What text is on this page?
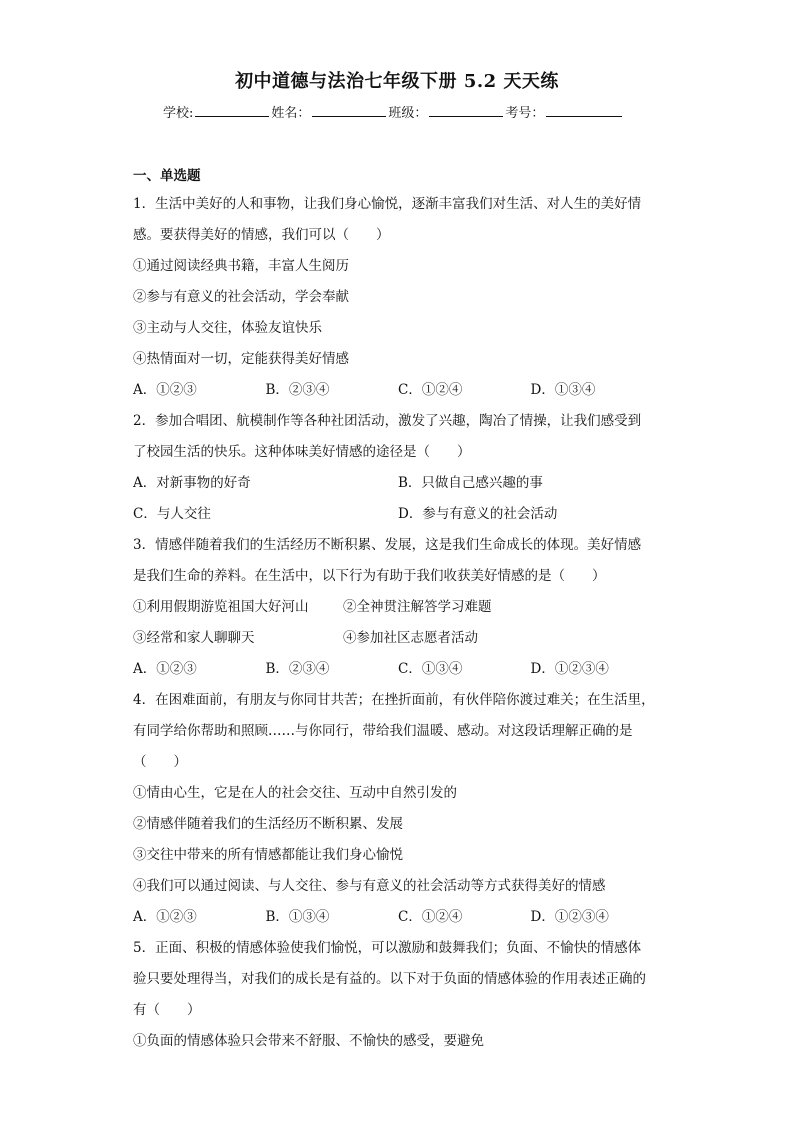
初中道德与法治七年级下册 5.2 天天练
学校:	姓名：	班级：	考号：
一、单选题
1．生活中美好的人和事物，让我们身心愉悦，逐渐丰富我们对生活、对人生的美好情
感。要获得美好的情感，我们可以（　　）
①通过阅读经典书籍，丰富人生阅历
②参与有意义的社会活动，学会奉献
③主动与人交往，体验友谊快乐
④热情面对一切，定能获得美好情感
A．①②③	B．②③④	C．①②④	D．①③④
2．参加合唱团、航模制作等各种社团活动，激发了兴趣，陶冶了情操，让我们感受到
了校园生活的快乐。这种体味美好情感的途径是（　　）
A．对新事物的好奇	B．只做自己感兴趣的事
C．与人交往	D．参与有意义的社会活动
3．情感伴随着我们的生活经历不断积累、发展，这是我们生命成长的体现。美好情感
是我们生命的养料。在生活中，以下行为有助于我们收获美好情感的是（　　）
①利用假期游览祖国大好河山	②全神贯注解答学习难题
③经常和家人聊聊天	④参加社区志愿者活动
A．①②③	B．②③④	C．①③④	D．①②③④
4．在困难面前，有朋友与你同甘共苦；在挫折面前，有伙伴陪你渡过难关；在生活里，
有同学给你帮助和照顾……与你同行，带给我们温暖、感动。对这段话理解正确的是
（　　）
①情由心生，它是在人的社会交往、互动中自然引发的
②情感伴随着我们的生活经历不断积累、发展
③交往中带来的所有情感都能让我们身心愉悦
④我们可以通过阅读、与人交往、参与有意义的社会活动等方式获得美好的情感
A．①②③	B．①③④	C．①②④	D．①②③④
5．正面、积极的情感体验使我们愉悦，可以激励和鼓舞我们；负面、不愉快的情感体
验只要处理得当，对我们的成长是有益的。以下对于负面的情感体验的作用表述正确的
有（　　）
①负面的情感体验只会带来不舒服、不愉快的感受，要避免
